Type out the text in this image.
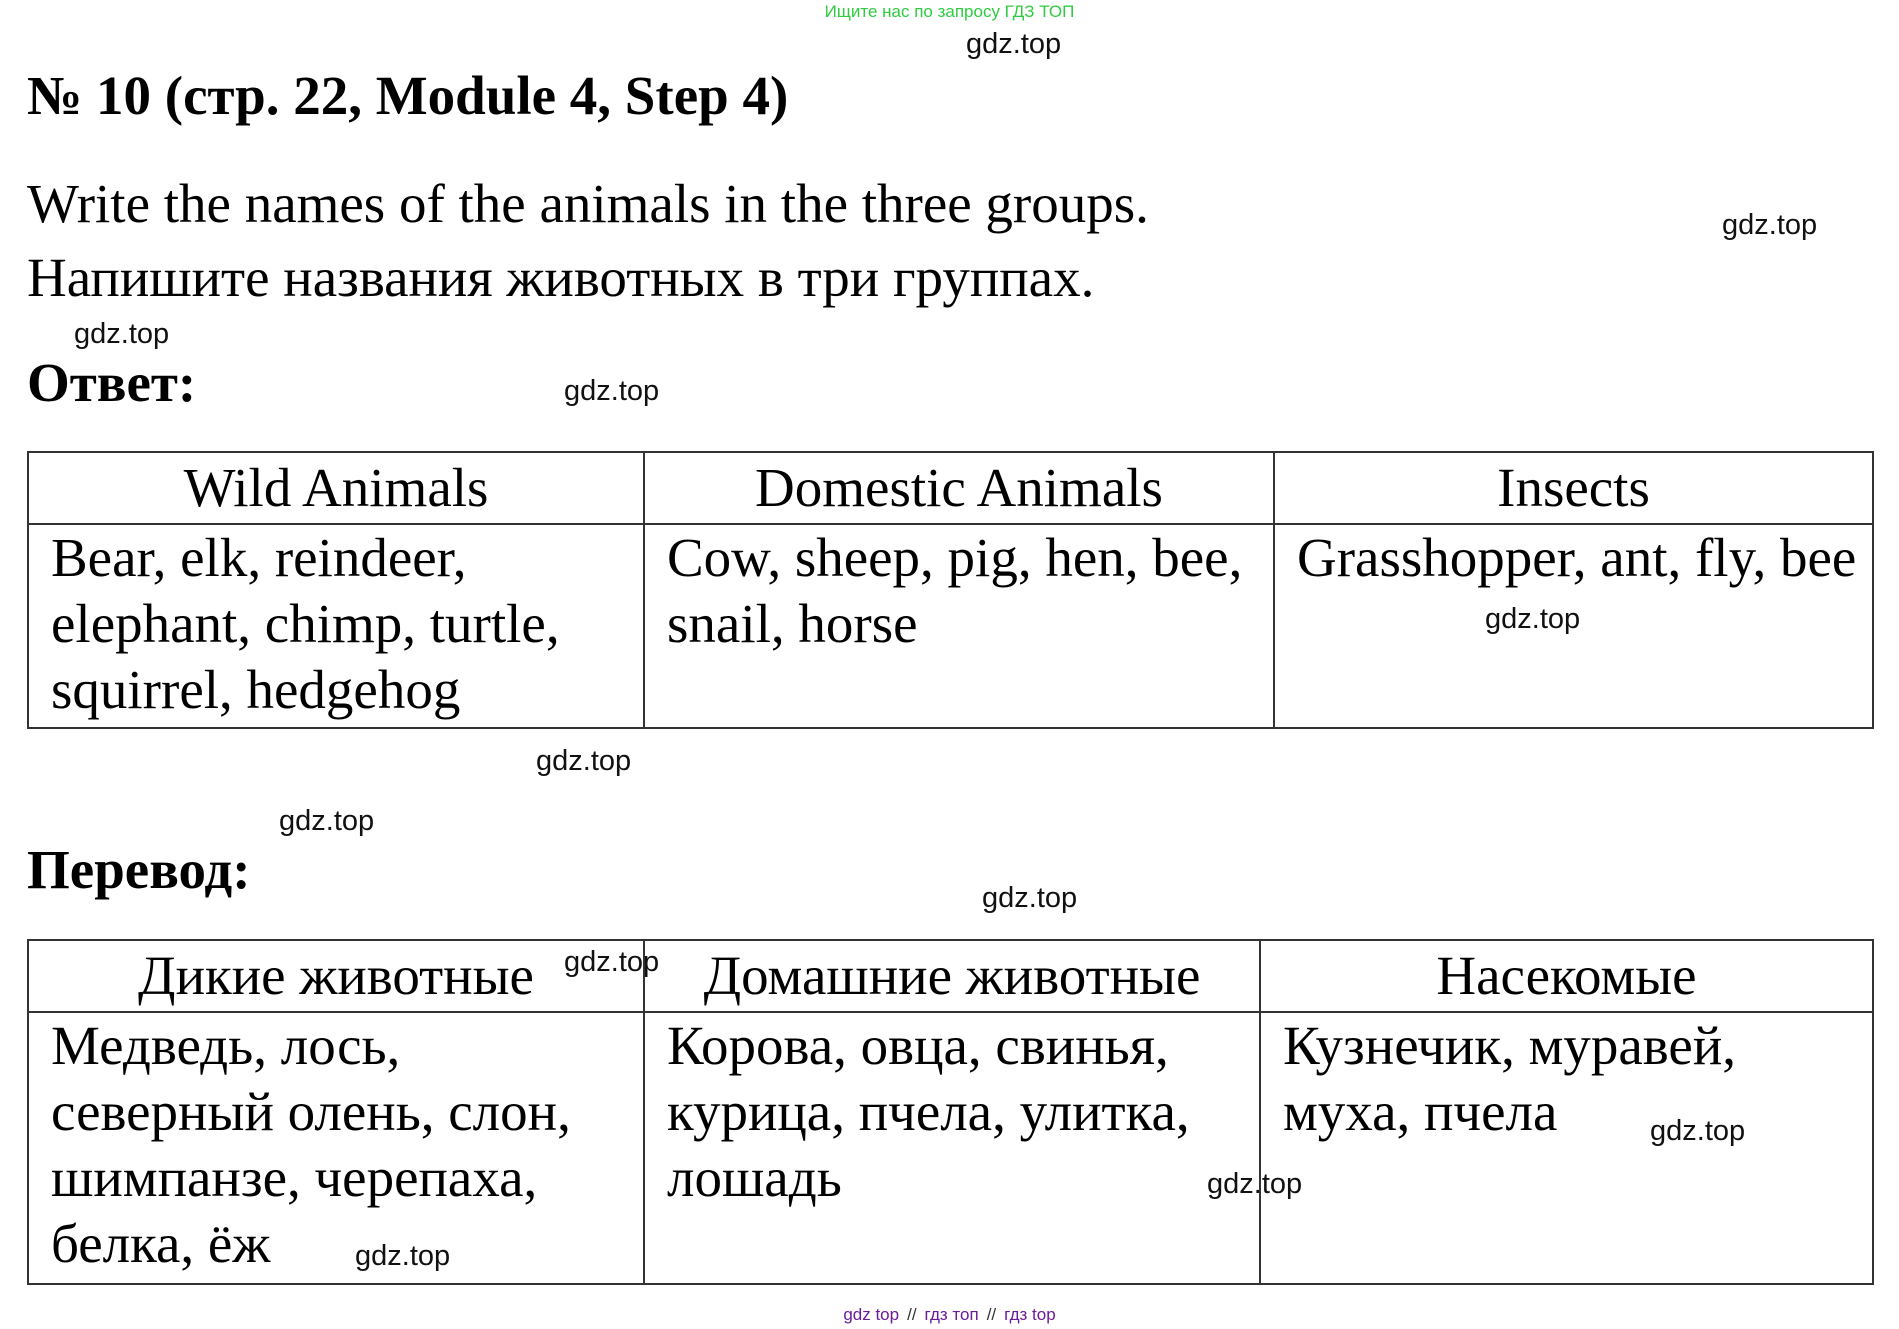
Ищите нас по запросу ГДЗ ТОП
№ 10 (стр. 22, Module 4, Step 4)
Write the names of the animals in the three groups.
Напишите названия животных в три группах.
Ответ:
Wild Animals	Domestic Animals	Insects
Bear, elk, reindeer, elephant, chimp, turtle, squirrel, hedgehog	Cow, sheep, pig, hen, bee, snail, horse	Grasshopper, ant, fly, bee
Перевод:
Дикие животные	Домашние животные	Насекомые
Медведь, лось, северный олень, слон, шимпанзе, черепаха, белка, ёж	Корова, овца, свинья, курица, пчела, улитка, лошадь	Кузнечик, муравей, муха, пчела
gdz.top
gdz.top
gdz.top
gdz.top
gdz.top
gdz.top
gdz.top
gdz.top
gdz.top
gdz.top
gdz.top
gdz.top
gdz top // гдз топ // гдз top
